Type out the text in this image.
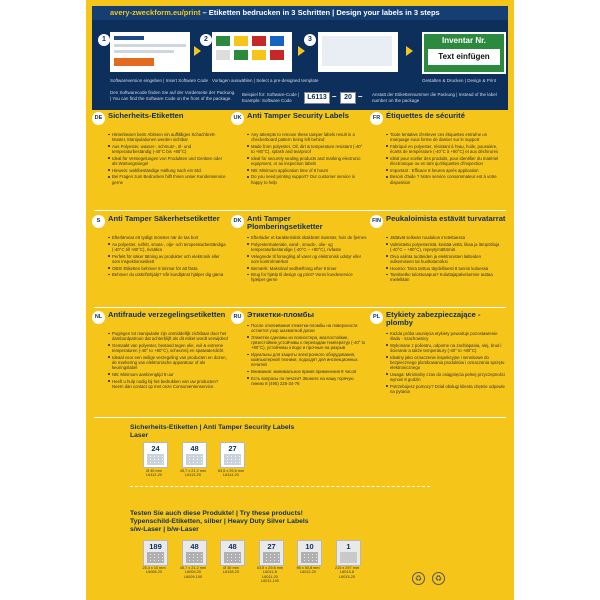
avery-zweckform.eu/print – Etiketten bedrucken in 3 Schritten | Design your labels in 3 steps
1	2	3	Inventar Nr.
Text einfügen
Softwareversion eingeben | Insert Software Code Vorlagen auswählen | Select a pre-designed template	Gestalten & Drucken | Design & Print
Den Softwarecode finden Sie auf der Vorderseite der Packung. | You can find the Software Code on the front of the package.
Beispiel für: Software-Code | Example: Software Code	L6113 –	20 – Anstatt der Etikettennummer die Packung | Instead of the label number on the package
DE Sicherheits-Etiketten
Hinterlassen beim Ablösen ein auffälliges Schachbrett-Muster, Manipulationen werden sichtbar
Aus Polyester, wasser-, schmutz-, öl- und temperaturbeständig (-40°C bis +80°C)
Ideal für Versiegelungen von Produkten und Geräten oder als Wartungssiegel
Hinweis: wahlbeständige Haftung nach ein Std.
Bei Fragen zum Bedrucken hilft Ihnen unser Kundenservice gerne
UK Anti Tamper Security Labels
Any attempts to remove these tamper labels result in a checkerboard pattern being left behind
Made from polyester, Oil, dirt & temperature resistant (-40° to +80°C), splash and tearproof
Ideal for securely sealing products and marking electronic equipment, or as inspection labels
NB: Minimum application time of 8 hours
Do you need printing support? Our customer service is happy to help
FR Étiquettes de sécurité
Toute tentative d'enlever ces étiquettes entraîne un marquage sous forme de damier sur le support
Fabriqué en polyester, résistant à l'eau, huile, poussière, écarts de température (-40°C à +80°C) et aux déchirures
Idéal pour sceller des produits, pour identifier du matériel électronique ou en tant qu'étiquettes d'inspection
Important : Efficace 8 heures après application
Besoin d'aide ? Notre service consommateur est à votre disposition
S	Anti Tamper Säkerhetsetiketter
Efterlämnar ett tydligt mönster när de tas bort
Av polyester, rutfritt, smuts-, olje- och temperaturbeständiga (-40°C till +80°C), rivsäkra
Perfekt för säker tätning av produkter och elektronik eller som inspektionsetikett
OBS! Etiketten behöver 8 timmar för att fästa
Behöver du utskriftshjälp? Vår kundtjänst hjälper dig gärna
DK Anti Tamper Plomberingsetiketter
Efterlader et karakteristisk skakbræt mønster, hvis de fjernes
Polyestermateriale, vand-, smuds-, olie- og temperaturbestandige (-40°C – +80°C), rivfaste
Velegnede til forsegling af varer og elektronisk udstyr eller som kontrolmærkat
Bemærk: Maksimal vedhæftning efter 8 timer
Brug for hjælp til design og print? Vores kundeservice hjælper gerne
FIN Peukaloimista estävät turvatarrat
Jättävät selkeän ruudukon irrotettaessa
Valmistettu polyesteristä, kestää vettä, likaa ja lämpötiloja (-40°C – +80°C), repeytymättömiä
Oiva valinta tuotteiden ja elektronisten laitteiden sulkemiseen tai huoltotarroiksi
Huomio: Tarra tarttuu täydellisesti 8 tunnin kuluessa
Tarvitsetko tulostusapua? Kuluttajapalvelumme auttaa mielellään
NL Antifraude verzegelingsetiketten
Pogingen tot manipulatie zijn onmiddellijk zichtbaar door het dambordpatroon dat achterblijft als dit etiket wordt verwijderd
Gemaakt van polyester, bestand tegen olie, vuil & extreme temperaturen (-40° to +80°C), scheurvrij en spatwaterdicht
Ideaal voor een veilige verzegeling van producten en dozen, de markering van elektronische apparatuur of als keuringslabel
NB: Minimum aanbrengtijd 8 uur
Heeft u hulp nodig bij het bedrukken van uw producten? Neem dan contact op met onze Consumentenservice.
RU Этикетки-пломбы
После отклеивания этикетки-пломбы на поверхности остается узор шахматной доски
Этикетки сделаны из полиэстера, маслостойкие, грязестойкие,устойчивы к перепадам температур (-40° to +80°C), устойчивы к воде и прочные на разрыв
Идеальны для защиты электронного оборудования, компьютерной техники, подходят для инспекционных печатей
Внимание: минимальное время применения 8 часов
Есть вопросы по печати? Звоните на нашу горячую линию 8 (495) 225-34-76
PL Etykiety zabezpieczające - plomby
Każda próba usunięcia etykiety powoduje pozostawienie śladu - szachownicy
Wykonane z poliestru, odporne na zachlapania, olej, brud i ścieranie a także temperatury (-40° to +80°C)
Idealny jako oznaczenie inspekcyjne i serwisowe do bezpiecznego plombowania produktów i oznaczania sprzętu elektronicznego
Uwaga: Minimalny czas do osiągnięcia pełnej przyczepności wynosi 8 godzin
Potrzebujesz pomocy? Dział obsługi klienta chętnie odpowie na pytania
Sicherheits-Etiketten | Anti Tamper Security Labels
Laser
24	48	27
Ø 40 mm
L6112-20
45,7 x 21,2 mm
L6113-20
63,5 x 29,6 mm
L6114-20
Testen Sie auch diese Produkte! | Try these products!
Typenschild-Etiketten, silber | Heavy Duty Silver Labels
s/w-Laser | b/w-Laser
189	48	48	27	10	1
25,4 x 10 mm
L6008-20
45,7 x 21,2 mm
L6009-20
L6009-100
Ø 30 mm
L6128-20
63,5 x 29,6 mm
L6011-8
L6011-20
L6011-100
96 x 50,8 mm
L6012-20
210 x 297 mm
L6013-8
L6013-20	♻	♻
